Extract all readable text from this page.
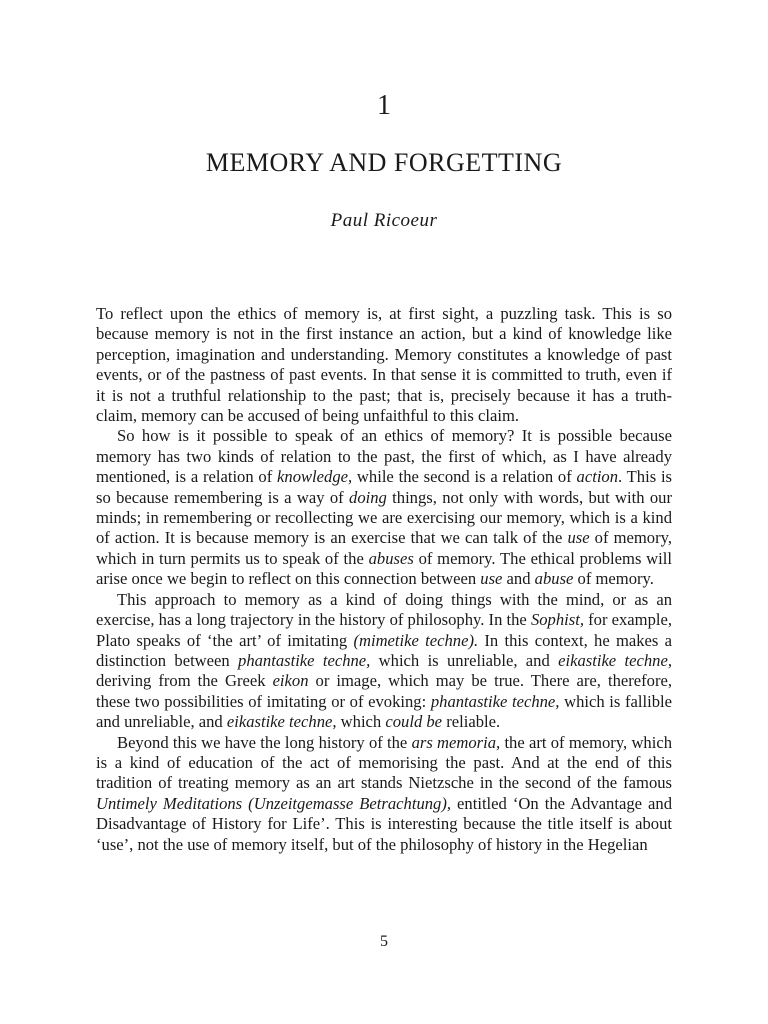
1
MEMORY AND FORGETTING

Paul Ricoeur

To reflect upon the ethics of memory is, at first sight, a puzzling task. This is so because memory is not in the first instance an action, but a kind of knowledge like perception, imagination and understanding. Memory constitutes a knowledge of past events, or of the pastness of past events. In that sense it is committed to truth, even if it is not a truthful relationship to the past; that is, precisely because it has a truth-claim, memory can be accused of being unfaithful to this claim.

So how is it possible to speak of an ethics of memory? It is possible because memory has two kinds of relation to the past, the first of which, as I have already mentioned, is a relation of knowledge, while the second is a relation of action. This is so because remembering is a way of doing things, not only with words, but with our minds; in remembering or recollecting we are exercising our memory, which is a kind of action. It is because memory is an exercise that we can talk of the use of memory, which in turn permits us to speak of the abuses of memory. The ethical problems will arise once we begin to reflect on this connection between use and abuse of memory.

This approach to memory as a kind of doing things with the mind, or as an exercise, has a long trajectory in the history of philosophy. In the Sophist, for example, Plato speaks of ‘the art’ of imitating (mimetike techne). In this context, he makes a distinction between phantastike techne, which is unreliable, and eikastike techne, deriving from the Greek eikon or image, which may be true. There are, therefore, these two possibilities of imitating or of evoking: phantastike techne, which is fallible and unreliable, and eikastike techne, which could be reliable.

Beyond this we have the long history of the ars memoria, the art of memory, which is a kind of education of the act of memorising the past. And at the end of this tradition of treating memory as an art stands Nietzsche in the second of the famous Untimely Meditations (Unzeitgemasse Betrachtung), entitled ‘On the Advantage and Disadvantage of History for Life’. This is interesting because the title itself is about ‘use’, not the use of memory itself, but of the philosophy of history in the Hegelian

5
